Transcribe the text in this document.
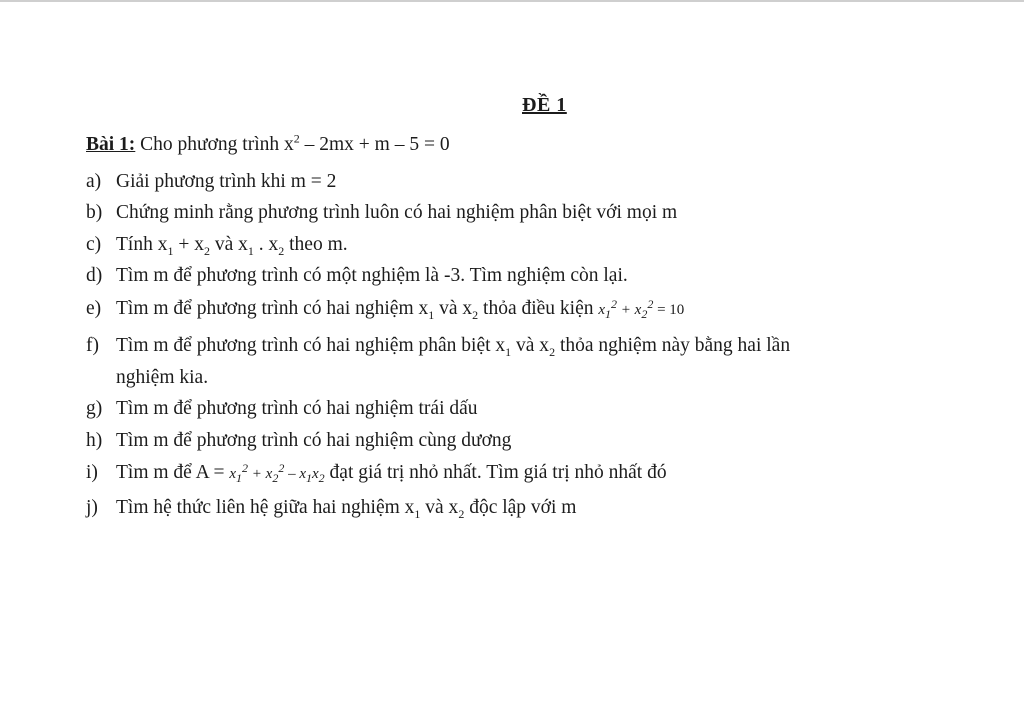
ĐỀ 1
Bài 1: Cho phương trình $x^2 - 2mx + m - 5 = 0$
a) Giải phương trình khi m = 2
b) Chứng minh rằng phương trình luôn có hai nghiệm phân biệt với mọi m
c) Tính $x_1 + x_2$ và $x_1$ . $x_2$ theo m.
d) Tìm m để phương trình có một nghiệm là -3. Tìm nghiệm còn lại.
e) Tìm m để phương trình có hai nghiệm $x_1$ và $x_2$ thỏa điều kiện $x_1^2 + x_2^2 = 10$
f) Tìm m để phương trình có hai nghiệm phân biệt $x_1$ và $x_2$ thỏa nghiệm này bằng hai lần
nghiệm kia.
g) Tìm m để phương trình có hai nghiệm trái dấu
h) Tìm m để phương trình có hai nghiệm cùng dương
i) Tìm m để $A = x_1^2 + x_2^2 - x_1x_2$ đạt giá trị nhỏ nhất. Tìm giá trị nhỏ nhất đó
j) Tìm hệ thức liên hệ giữa hai nghiệm $x_1$ và $x_2$ độc lập với m
